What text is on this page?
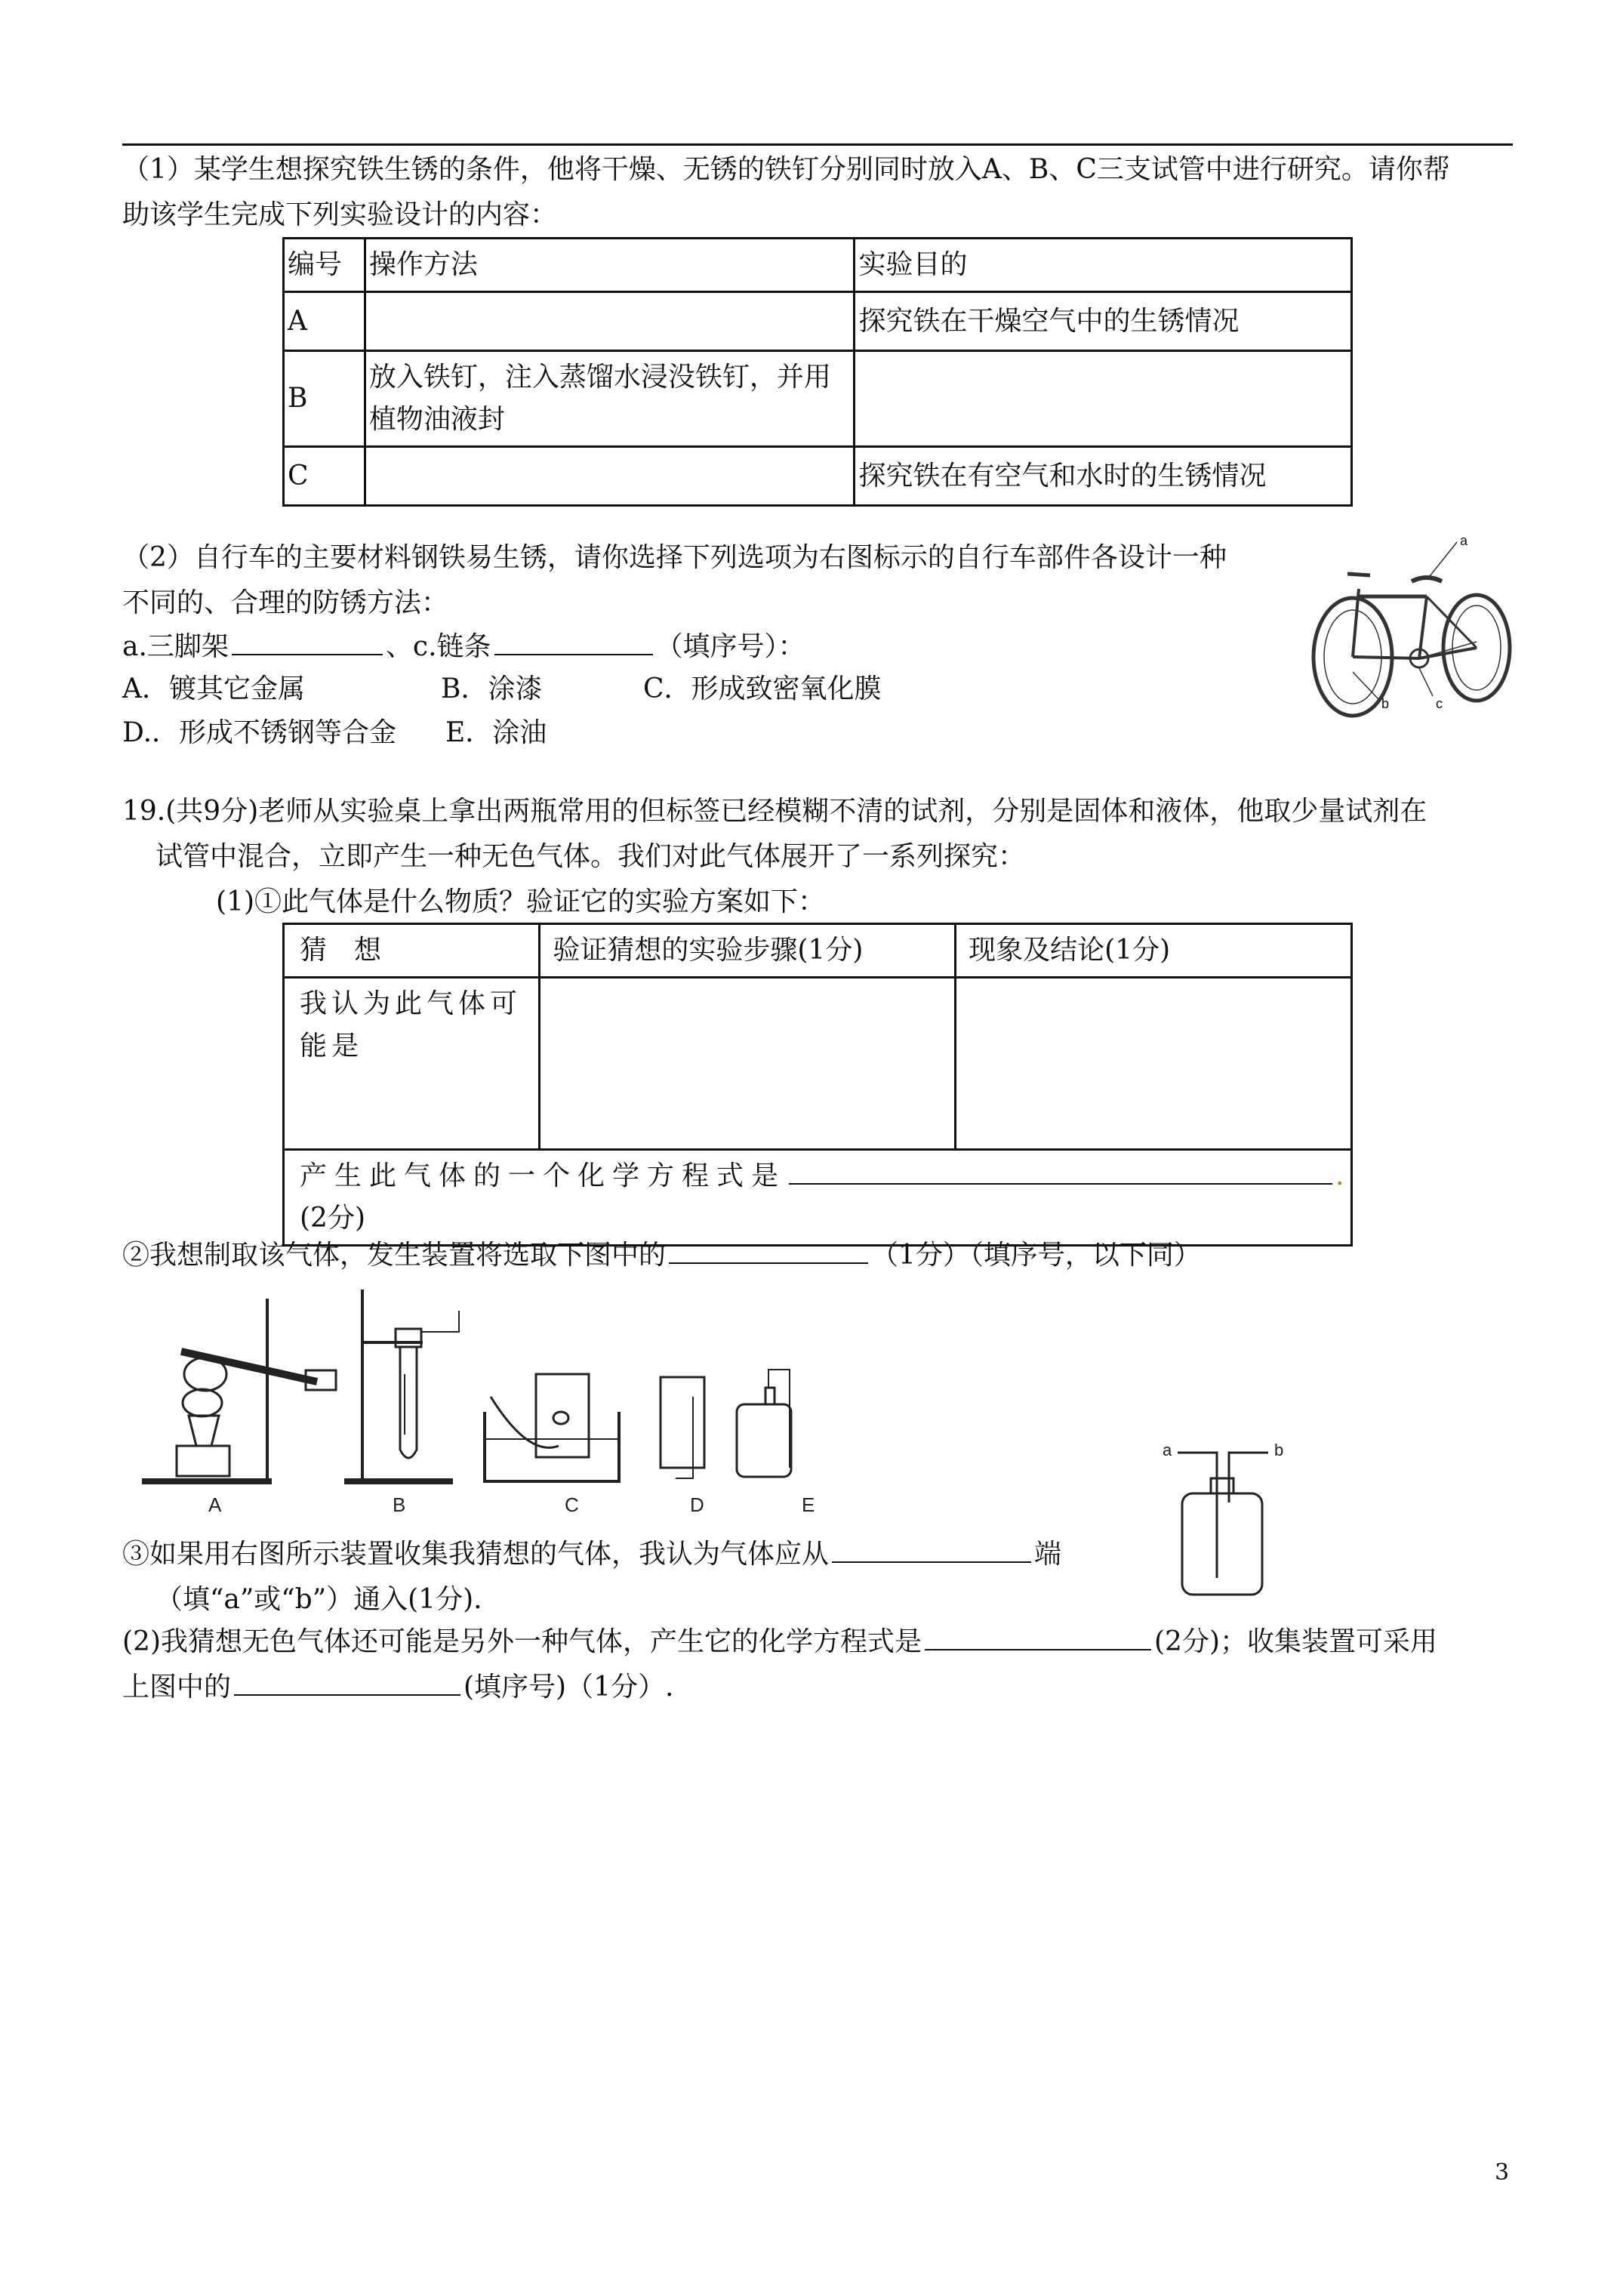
（1）某学生想探究铁生锈的条件，他将干燥、无锈的铁钉分别同时放入A、B、C三支试管中进行研究。请你帮
助该学生完成下列实验设计的内容：
编号	操作方法	实验目的
A		探究铁在干燥空气中的生锈情况
B	放入铁钉，注入蒸馏水浸没铁钉，并用植物油液封	
C		探究铁在有空气和水时的生锈情况
（2）自行车的主要材料钢铁易生锈，请你选择下列选项为右图标示的自行车部件各设计一种
不同的、合理的防锈方法：
a.三脚架	、c.链条	（填序号）：
A．镀其它金属	B．涂漆	C．形成致密氧化膜
D.．形成不锈钢等合金 E．涂油
a
b	c
19.(共9分)老师从实验桌上拿出两瓶常用的但标签已经模糊不清的试剂，分别是固体和液体，他取少量试剂在
试管中混合，立即产生一种无色气体。我们对此气体展开了一系列探究：
(1)①此气体是什么物质？验证它的实验方案如下：
猜　想	验证猜想的实验步骤(1分)	现象及结论(1分)
我认为此气体可能是		
产生此气体的一个化学方程式是 .
(2分)		
②我想制取该气体，发生装置将选取下图中的	（1分）（填序号，以下同）
A	B	C	D	E
a	b
③如果用右图所示装置收集我猜想的气体，我认为气体应从	端
（填“a”或“b”）通入(1分).
(2)我猜想无色气体还可能是另外一种气体，产生它的化学方程式是	(2分)；收集装置可采用
上图中的	(填序号)（1分）.
3
